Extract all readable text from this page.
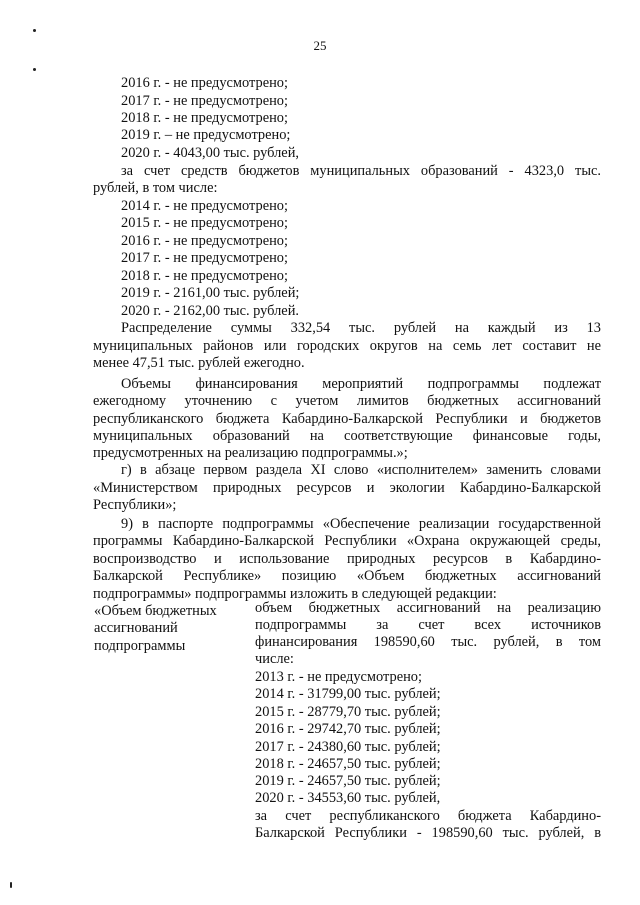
25
2016 г. - не предусмотрено;
2017 г. - не предусмотрено;
2018 г. - не предусмотрено;
2019 г. – не предусмотрено;
2020 г. - 4043,00 тыс. рублей,
за счет средств бюджетов муниципальных образований - 4323,0 тыс.
рублей, в том числе:
2014 г. - не предусмотрено;
2015 г. - не предусмотрено;
2016 г. - не предусмотрено;
2017 г. - не предусмотрено;
2018 г. - не предусмотрено;
2019 г. - 2161,00 тыс. рублей;
2020 г. - 2162,00 тыс. рублей.
Распределение суммы 332,54 тыс. рублей на каждый из 13
муниципальных районов или городских округов на семь лет составит не
менее 47,51 тыс. рублей ежегодно.
Объемы финансирования мероприятий подпрограммы подлежат
ежегодному уточнению с учетом лимитов бюджетных ассигнований
республиканского бюджета Кабардино-Балкарской Республики и бюджетов
муниципальных образований на соответствующие финансовые годы,
предусмотренных на реализацию подпрограммы.»;
г) в абзаце первом раздела XI слово «исполнителем» заменить словами
«Министерством природных ресурсов и экологии Кабардино-Балкарской
Республики»;
9) в паспорте подпрограммы «Обеспечение реализации государственной
программы Кабардино-Балкарской Республики «Охрана окружающей среды,
воспроизводство и использование природных ресурсов в Кабардино-
Балкарской Республике» позицию «Объем бюджетных ассигнований
подпрограммы» подпрограммы изложить в следующей редакции:
«Объем бюджетных
ассигнований
подпрограммы
объем бюджетных ассигнований на реализацию
подпрограммы за счет всех источников
финансирования 198590,60 тыс. рублей, в том
числе:
2013 г. - не предусмотрено;
2014 г. - 31799,00 тыс. рублей;
2015 г. - 28779,70 тыс. рублей;
2016 г. - 29742,70 тыс. рублей;
2017 г. - 24380,60 тыс. рублей;
2018 г. - 24657,50 тыс. рублей;
2019 г. - 24657,50 тыс. рублей;
2020 г. - 34553,60 тыс. рублей,
за счет республиканского бюджета Кабардино-
Балкарской Республики - 198590,60 тыс. рублей, в
